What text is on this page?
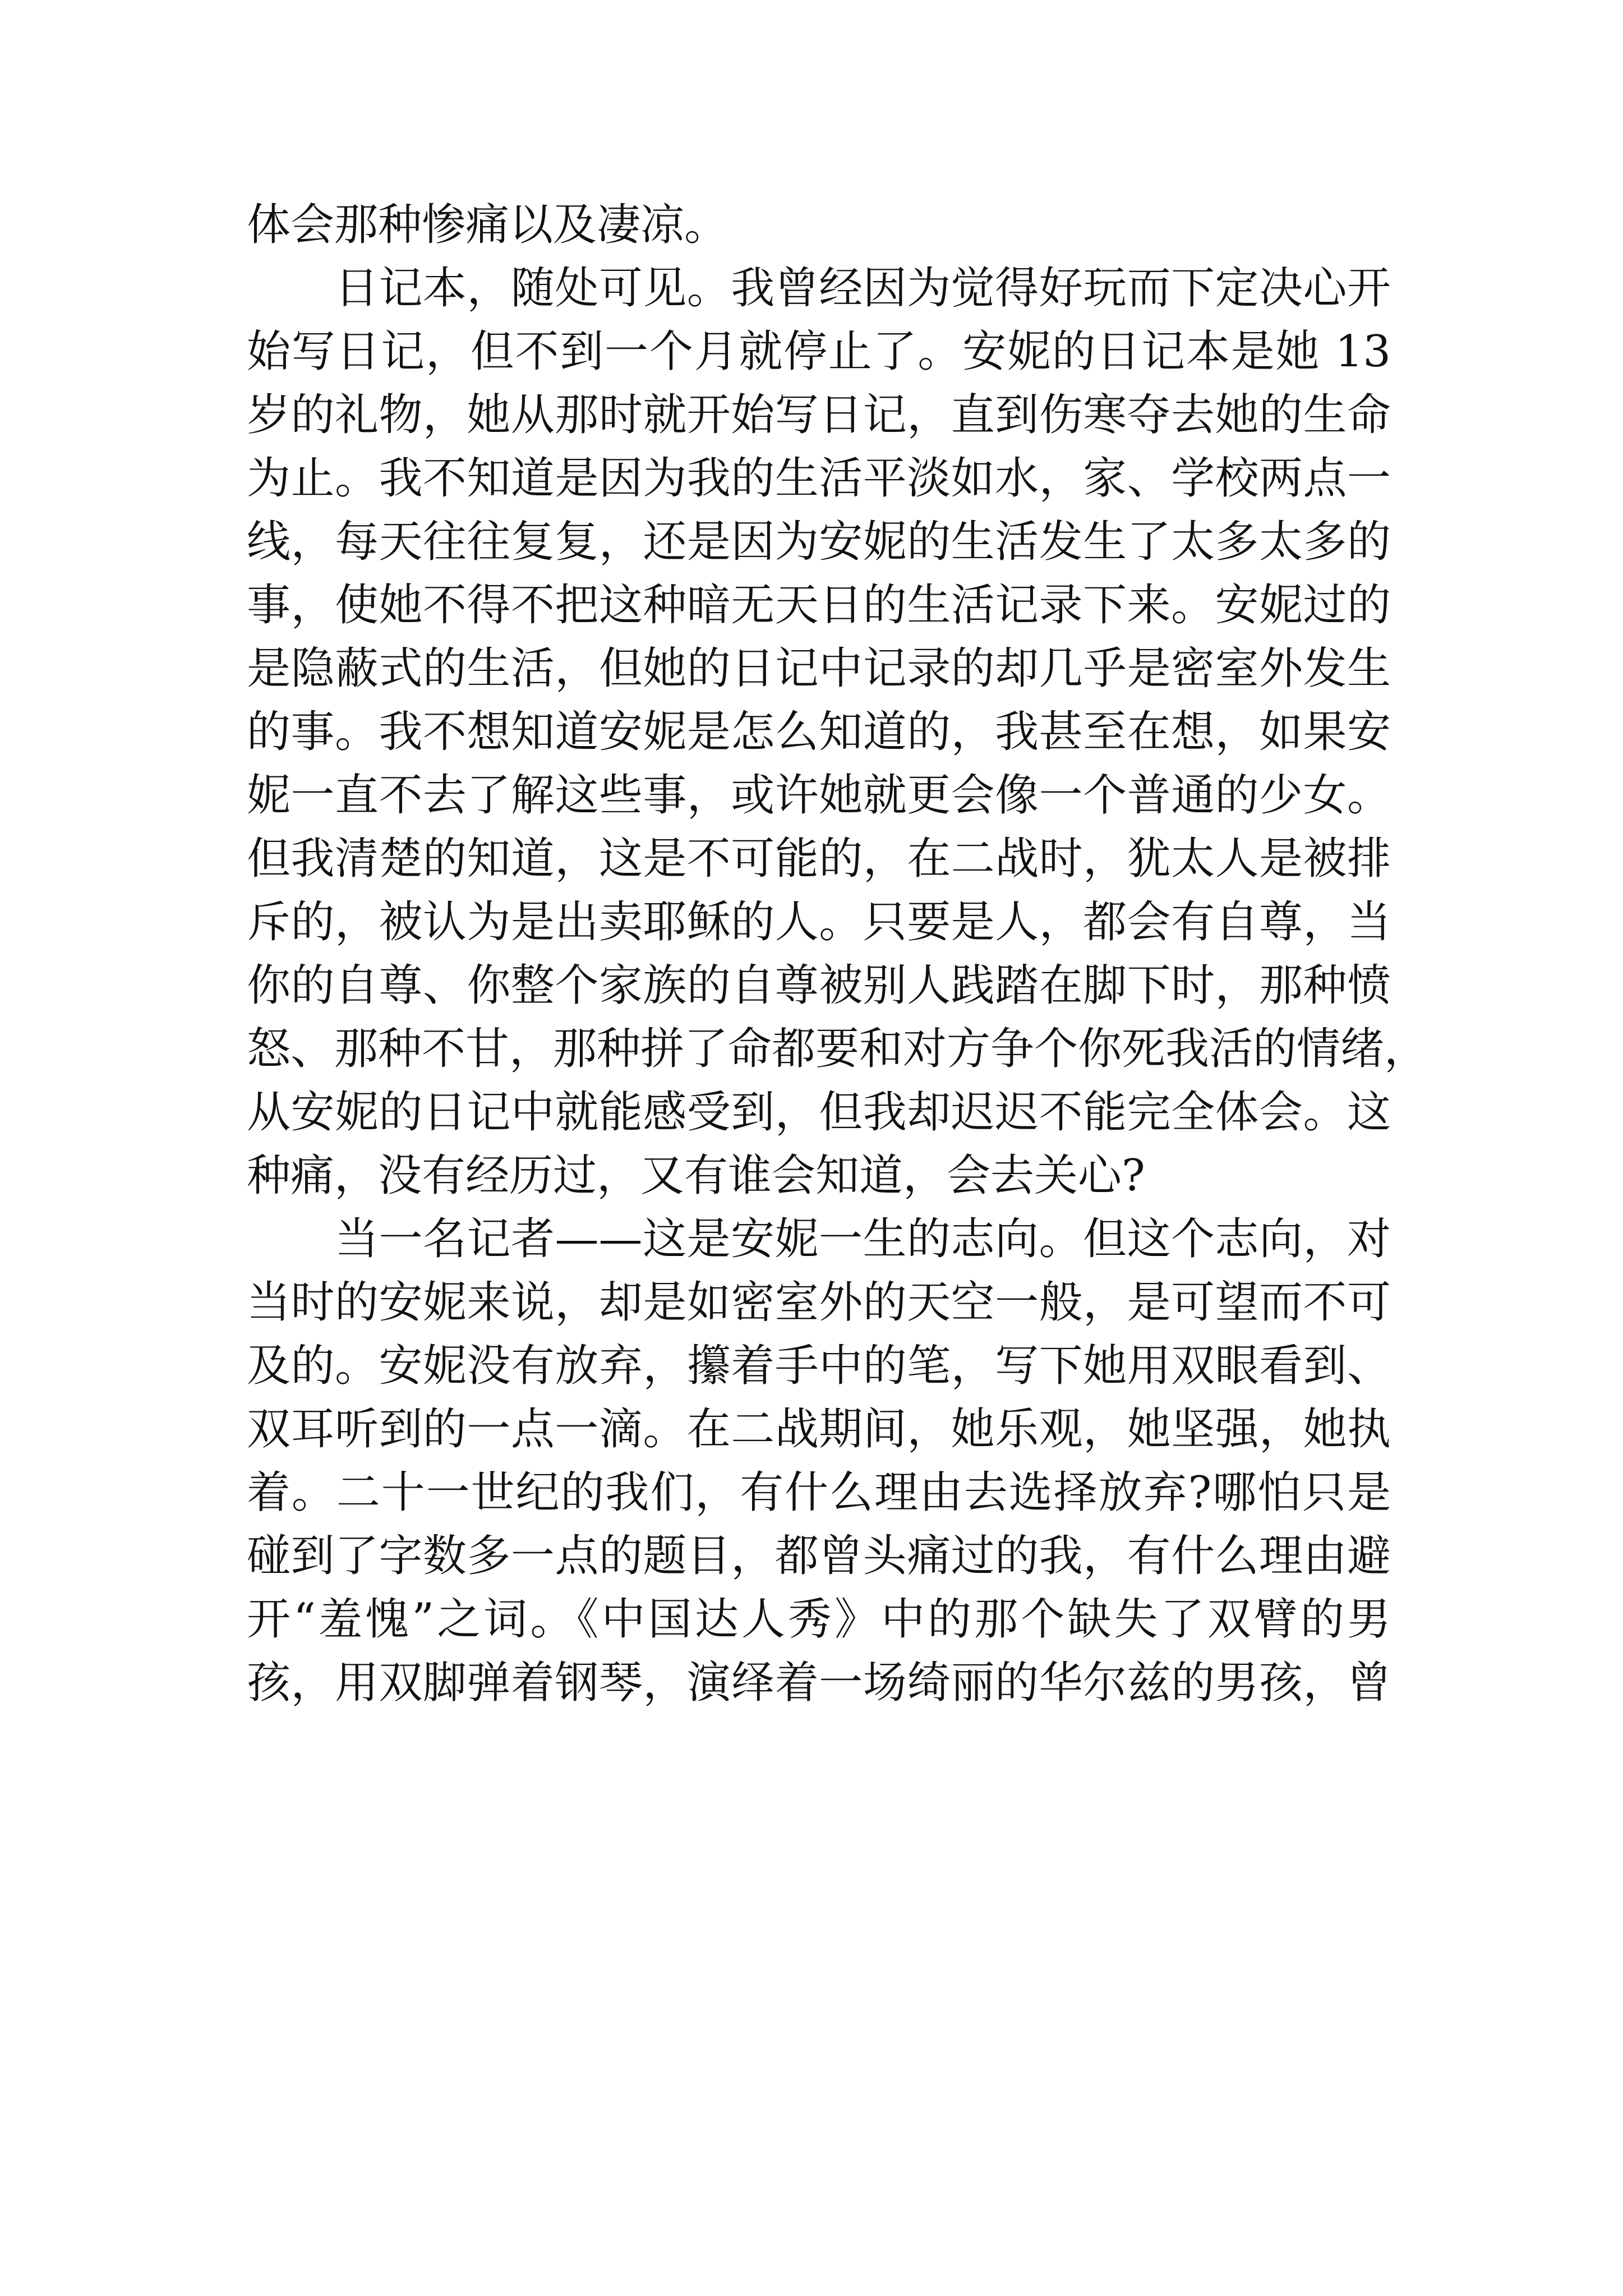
体会那种惨痛以及凄凉。
　　日记本，随处可见。我曾经因为觉得好玩而下定决心开
始写日记，但不到一个月就停止了。安妮的日记本是她 13
岁的礼物，她从那时就开始写日记，直到伤寒夺去她的生命
为止。我不知道是因为我的生活平淡如水，家、学校两点一
线，每天往往复复，还是因为安妮的生活发生了太多太多的
事，使她不得不把这种暗无天日的生活记录下来。安妮过的
是隐蔽式的生活，但她的日记中记录的却几乎是密室外发生
的事。我不想知道安妮是怎么知道的，我甚至在想，如果安
妮一直不去了解这些事，或许她就更会像一个普通的少女。
但我清楚的知道，这是不可能的，在二战时，犹太人是被排
斥的，被认为是出卖耶稣的人。只要是人，都会有自尊，当
你的自尊、你整个家族的自尊被别人践踏在脚下时，那种愤
怒、那种不甘，那种拼了命都要和对方争个你死我活的情绪，
从安妮的日记中就能感受到，但我却迟迟不能完全体会。这
种痛，没有经历过，又有谁会知道，会去关心?
　　当一名记者——这是安妮一生的志向。但这个志向，对
当时的安妮来说，却是如密室外的天空一般，是可望而不可
及的。安妮没有放弃，攥着手中的笔，写下她用双眼看到、
双耳听到的一点一滴。在二战期间，她乐观，她坚强，她执
着。二十一世纪的我们，有什么理由去选择放弃?哪怕只是
碰到了字数多一点的题目，都曾头痛过的我，有什么理由避
开“羞愧”之词。《中国达人秀》中的那个缺失了双臂的男
孩，用双脚弹着钢琴，演绎着一场绮丽的华尔兹的男孩，曾
